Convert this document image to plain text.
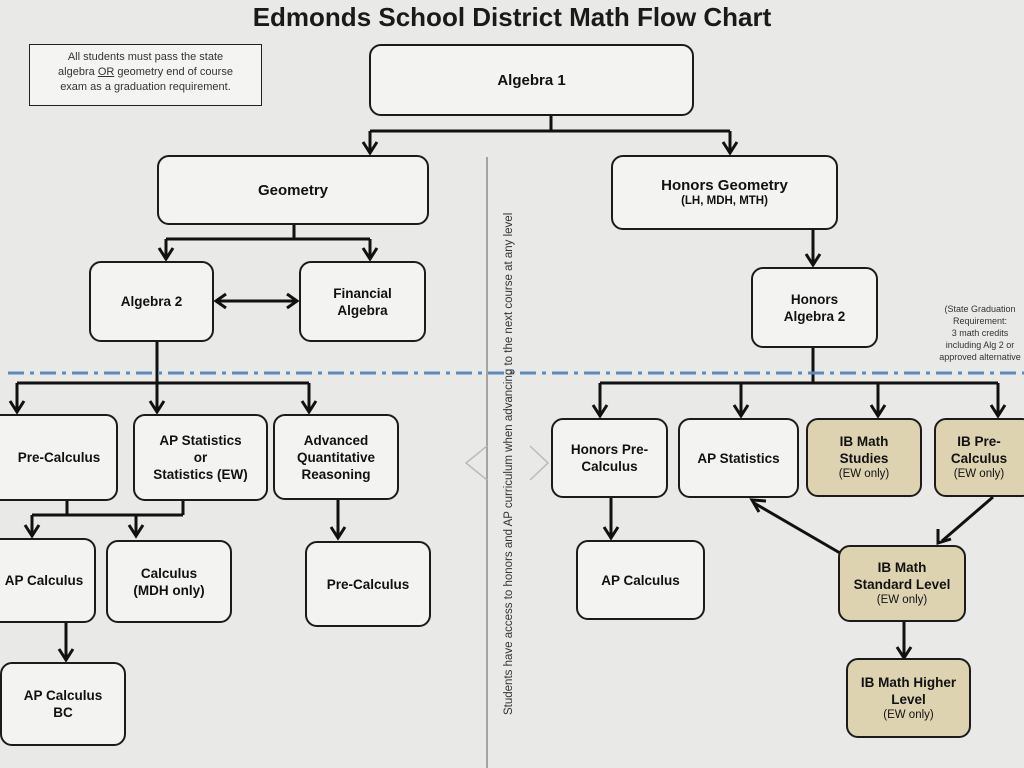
Edmonds School District Math Flow Chart
All students must pass the state
algebra OR geometry end of course
exam as a graduation requirement.
Students have access to honors and AP curriculum when advancing to the next course at any level	(State Graduation
Requirement:
3 math credits
including Alg 2 or
approved alternative
Algebra 1
Geometry	Honors Geometry
(LH, MDH, MTH)
Algebra 2
Financial
Algebra
Honors
Algebra 2
Pre-Calculus
AP Statistics
or
Statistics (EW)
Advanced
Quantitative
Reasoning
Honors Pre-
Calculus
AP Statistics
IB Math
Studies
(EW only)
IB Pre-
Calculus
(EW only)
AP Calculus	Calculus
(MDH only)	Pre-Calculus	AP Calculus
IB Math
Standard Level
(EW only)
AP Calculus
BC
IB Math Higher
Level
(EW only)
